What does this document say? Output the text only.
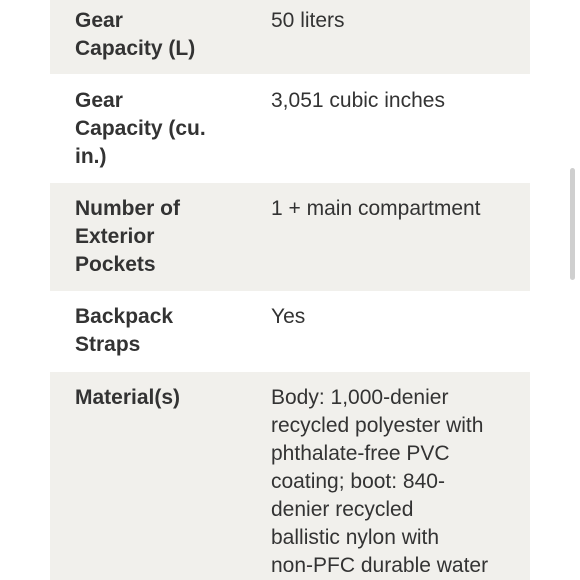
Gear
Capacity (L)
50 liters
Gear
Capacity (cu.
in.)
3,051 cubic inches
Number of
Exterior
Pockets
1 + main compartment
Backpack
Straps
Yes
Material(s)	Body: 1,000-denier
recycled polyester with
phthalate-free PVC
coating; boot: 840-
denier recycled
ballistic nylon with
non-PFC durable water
